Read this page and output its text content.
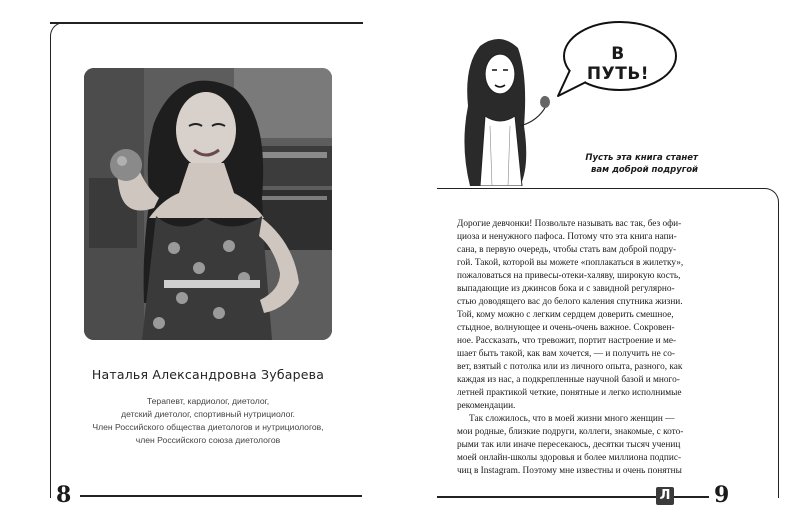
8
Наталья Александровна Зубарева
Терапевт, кардиолог, диетолог,
детский диетолог, спортивный нутрициолог.
Член Российского общества диетологов и нутрициологов,
член Российского союза диетологов
В ПУТЬ!
Пусть эта книга станет
вам доброй подругой
Дорогие девчонки! Позвольте называть вас так, без офи-
циоза и ненужного пафоса. Потому что эта книга напи-
сана, в первую очередь, чтобы стать вам доброй подру-
гой. Такой, которой вы можете «поплакаться в жилетку»,
пожаловаться на привесы-отеки-халяву, широкую кость,
выпадающие из джинсов бока и с завидной регулярно-
стью доводящего вас до белого каления спутника жизни.
Той, кому можно с легким сердцем доверить смешное,
стыдное, волнующее и очень-очень важное. Сокровен-
ное. Рассказать, что тревожит, портит настроение и ме-
шает быть такой, как вам хочется, — и получить не со-
вет, взятый с потолка или из личного опыта, разного, как
каждая из нас, а подкрепленные научной базой и много-
летней практикой четкие, понятные и легко исполнимые
рекомендации.
Так сложилось, что в моей жизни много женщин —
мои родные, близкие подруги, коллеги, знакомые, с кото-
рыми так или иначе пересекаюсь, десятки тысяч учениц
моей онлайн-школы здоровья и более миллиона подпис-
чиц в Instagram. Поэтому мне известны и очень понятны
Л 9
